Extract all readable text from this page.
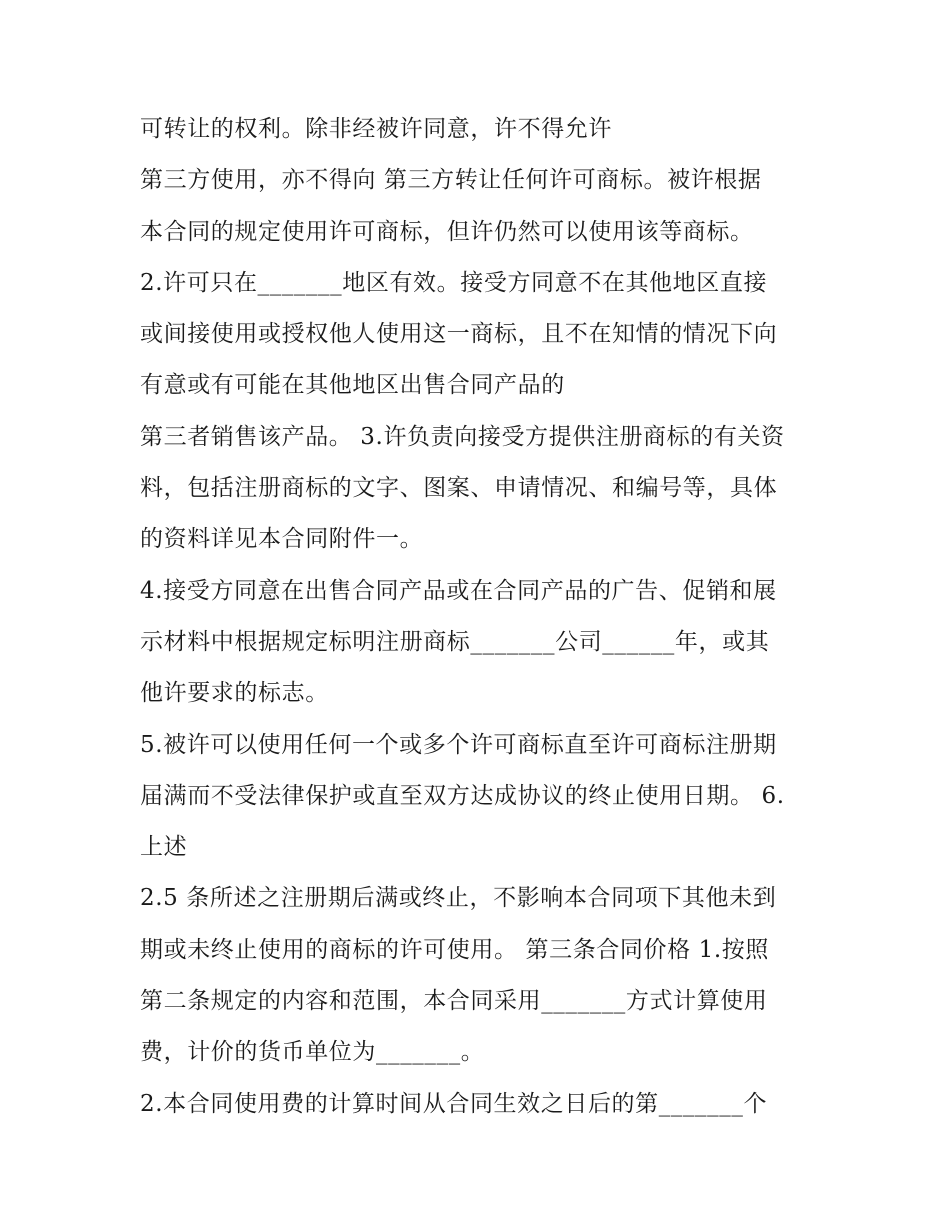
可转让的权利。除非经被许同意，许不得允许
第三方使用，亦不得向 第三方转让任何许可商标。被许根据
本合同的规定使用许可商标，但许仍然可以使用该等商标。
2.许可只在_______地区有效。接受方同意不在其他地区直接
或间接使用或授权他人使用这一商标，且不在知情的情况下向
有意或有可能在其他地区出售合同产品的
第三者销售该产品。 3.许负责向接受方提供注册商标的有关资
料，包括注册商标的文字、图案、申请情况、和编号等，具体
的资料详见本合同附件一。
4.接受方同意在出售合同产品或在合同产品的广告、促销和展
示材料中根据规定标明注册商标_______公司______年，或其
他许要求的标志。
5.被许可以使用任何一个或多个许可商标直至许可商标注册期
届满而不受法律保护或直至双方达成协议的终止使用日期。 6.
上述
2.5 条所述之注册期后满或终止，不影响本合同项下其他未到
期或未终止使用的商标的许可使用。 第三条合同价格 1.按照
第二条规定的内容和范围，本合同采用_______方式计算使用
费，计价的货币单位为_______。
2.本合同使用费的计算时间从合同生效之日后的第_______个
